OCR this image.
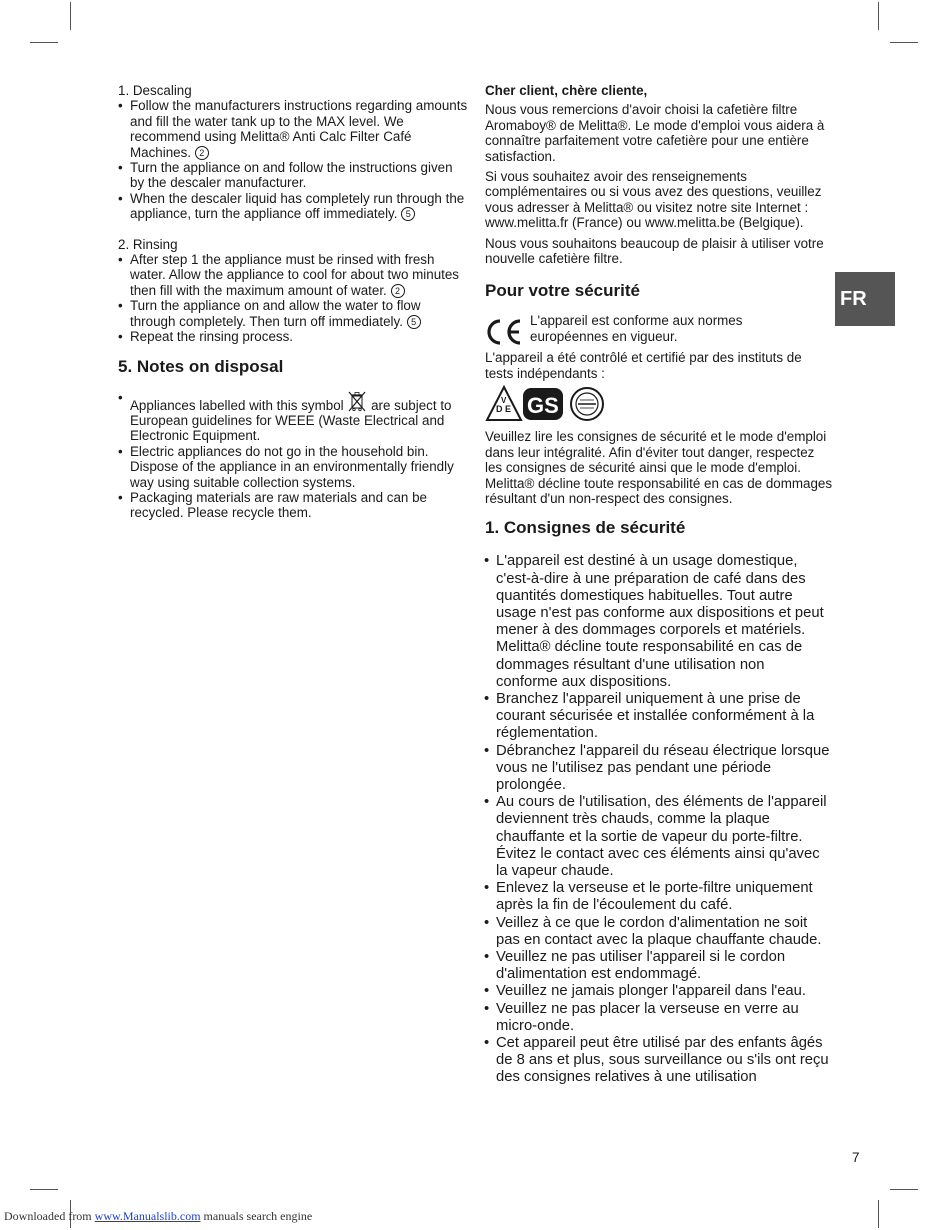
1. Descaling

• Follow the manufacturers instructions regarding amounts and fill the water tank up to the MAX level. We recommend using Melitta® Anti Calc Filter Café Machines. 2
• Turn the appliance on and follow the instructions given by the descaler manufacturer.
• When the descaler liquid has completely run through the appliance, turn the appliance off immediately. 5

2. Rinsing

• After step 1 the appliance must be rinsed with fresh water. Allow the appliance to cool for about two minutes then fill with the maximum amount of water. 2
• Turn the appliance on and allow the water to flow through completely. Then turn off immediately. 5
• Repeat the rinsing process.
5. Notes on disposal
• Appliances labelled with this symbol are subject to European guidelines for WEEE (Waste Electrical and Electronic Equipment.
• Electric appliances do not go in the household bin. Dispose of the appliance in an environmentally friendly way using suitable collection systems.
• Packaging materials are raw materials and can be recycled. Please recycle them.

Cher client, chère cliente,

Nous vous remercions d'avoir choisi la cafetière filtre Aromaboy® de Melitta®. Le mode d'emploi vous aidera à connaître parfaitement votre cafetière pour une entière satisfaction.

Si vous souhaitez avoir des renseignements complémentaires ou si vous avez des questions, veuillez vous adresser à Melitta® ou visitez notre site Internet : www.melitta.fr (France) ou www.melitta.be (Belgique).

Nous vous souhaitons beaucoup de plaisir à utiliser votre nouvelle cafetière filtre.

Pour votre sécurité

L'appareil est conforme aux normes européennes en vigueur.

L'appareil a été contrôlé et certifié par des instituts de tests indépendants :

D E
V GS

Veuillez lire les consignes de sécurité et le mode d'emploi dans leur intégralité. Afin d'éviter tout danger, respectez les consignes de sécurité ainsi que le mode d'emploi. Melitta® décline toute responsabilité en cas de dommages résultant d'un non-respect des consignes.

1. Consignes de sécurité
• L'appareil est destiné à un usage domestique, c'est-à-dire à une préparation de café dans des quantités domestiques habituelles. Tout autre usage n'est pas conforme aux dispositions et peut mener à des dommages corporels et matériels. Melitta® décline toute responsabilité en cas de dommages résultant d'une utilisation non conforme aux dispositions.
• Branchez l'appareil uniquement à une prise de courant sécurisée et installée conformément à la réglementation.
• Débranchez l'appareil du réseau électrique lorsque vous ne l'utilisez pas pendant une période prolongée.
• Au cours de l'utilisation, des éléments de l'appareil deviennent très chauds, comme la plaque chauffante et la sortie de vapeur du porte-filtre. Évitez le contact avec ces éléments ainsi qu'avec la vapeur chaude.
• Enlevez la verseuse et le porte-filtre uniquement après la fin de l'écoulement du café.
• Veillez à ce que le cordon d'alimentation ne soit pas en contact avec la plaque chauffante chaude.
• Veuillez ne pas utiliser l'appareil si le cordon d'alimentation est endommagé.
• Veuillez ne jamais plonger l'appareil dans l'eau.
• Veuillez ne pas placer la verseuse en verre au micro-onde.
• Cet appareil peut être utilisé par des enfants âgés de 8 ans et plus, sous surveillance ou s'ils ont reçu des consignes relatives à une utilisation
FR
7
Downloaded from www.Manualslib.com manuals search engine
